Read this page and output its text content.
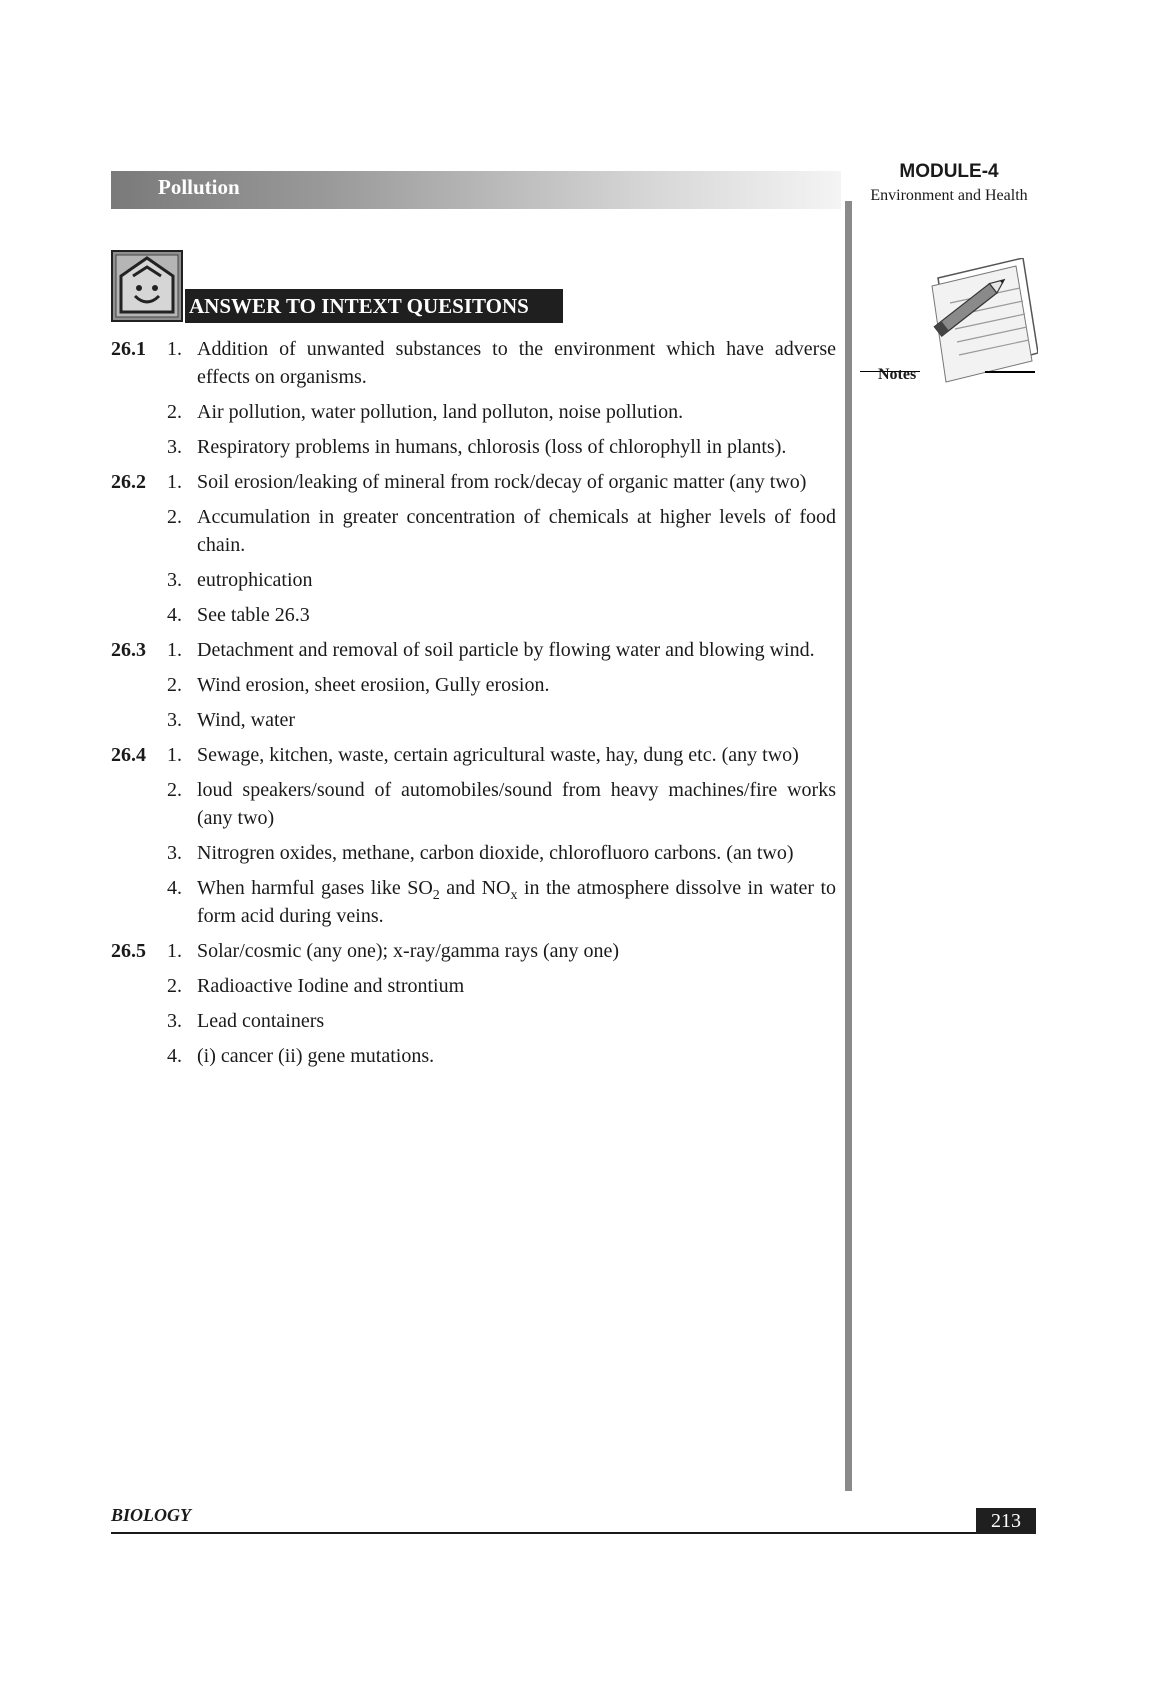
Pollution
MODULE-4
Environment and Health
Notes
ANSWER TO INTEXT QUESITONS
26.1 1. Addition of unwanted substances to the environment which have adverse effects on organisms.
2. Air pollution, water pollution, land polluton, noise pollution.
3. Respiratory problems in humans, chlorosis (loss of chlorophyll in plants).
26.2 1. Soil erosion/leaking of mineral from rock/decay of organic matter (any two)
2. Accumulation in greater concentration of chemicals at higher levels of food chain.
3. eutrophication
4. See table 26.3
26.3 1. Detachment and removal of soil particle by flowing water and blowing wind.
2. Wind erosion, sheet erosiion, Gully erosion.
3. Wind, water
26.4 1. Sewage, kitchen, waste, certain agricultural waste, hay, dung etc. (any two)
2. loud speakers/sound of automobiles/sound from heavy machines/fire works (any two)
3. Nitrogren oxides, methane, carbon dioxide, chlorofluoro carbons. (an two)
4. When harmful gases like $SO_2$ and $NO_x$ in the atmosphere dissolve in water to form acid during veins.
26.5 1. Solar/cosmic (any one); x-ray/gamma rays (any one)
2. Radioactive Iodine and strontium
3. Lead containers
4. (i) cancer (ii) gene mutations.
BIOLOGY	213
